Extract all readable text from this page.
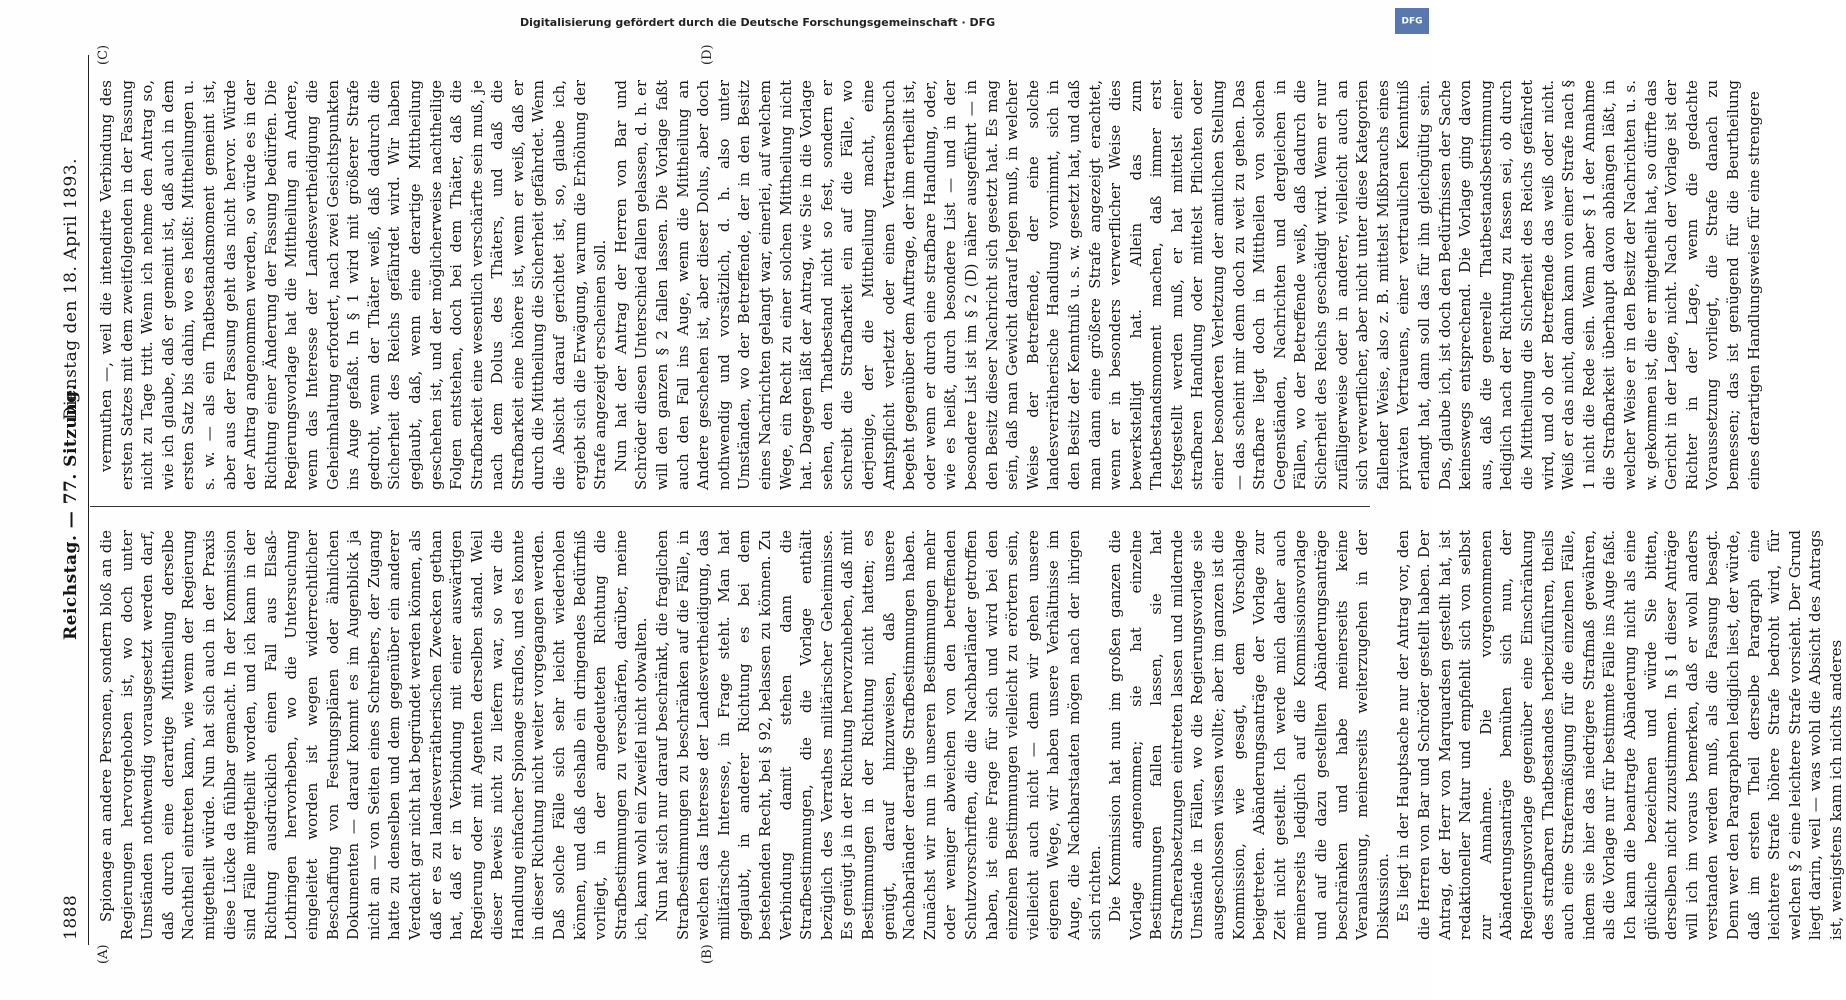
1888
Reichstag. — 77. Sitzung.
Dienstag den 18. April 1893.
(A)	(B)
(C)	(D)

Spionage an andere Personen, sondern bloß an die Regierungen hervorgehoben ist, wo doch unter Umständen nothwendig vorausgesetzt werden darf, daß durch eine derartige Mittheilung derselbe Nachtheil eintreten kann, wie wenn der Regierung mitgetheilt würde. Nun hat sich auch in der Praxis diese Lücke da fühlbar gemacht. In der Kommission sind Fälle mitgetheilt worden, und ich kann in der Richtung ausdrücklich einen Fall aus Elsaß-Lothringen hervorheben, wo die Untersuchung eingeleitet worden ist wegen widerrechtlicher Beschaffung von Festungsplänen oder ähnlichen Dokumenten — darauf kommt es im Augenblick ja nicht an — von Seiten eines Schreibers, der Zugang hatte zu denselben und dem gegenüber ein anderer Verdacht gar nicht hat begründet werden können, als daß er es zu landesverrätherischen Zwecken gethan hat, daß er in Verbindung mit einer auswärtigen Regierung oder mit Agenten derselben stand. Weil dieser Beweis nicht zu liefern war, so war die Handlung einfacher Spionage straflos, und es konnte in dieser Richtung nicht weiter vorgegangen werden. Daß solche Fälle sich sehr leicht wiederholen können, und daß deshalb ein dringendes Bedürfniß vorliegt, in der angedeuteten Richtung die Strafbestimmungen zu verschärfen, darüber, meine ich, kann wohl ein Zweifel nicht obwalten. Nun hat sich nur darauf beschränkt, die fraglichen Strafbestimmungen zu beschränken auf die Fälle, in welchen das Interesse der Landesvertheidigung, das militärische Interesse, in Frage steht. Man hat geglaubt, in anderer Richtung es bei dem bestehenden Recht, bei § 92, belassen zu können. Zu Verbindung damit stehen dann die Strafbestimmungen, die die Vorlage enthält bezüglich des Verrathes militärischer Geheimnisse. Es genügt ja in der Richtung hervorzuheben, daß mit Bestimmungen in der Richtung nicht hatten; es genügt, darauf hinzuweisen, daß unsere Nachbarländer derartige Strafbestimmungen haben. Zunächst wir nun in unseren Bestimmungen mehr oder weniger abweichen von den betreffenden Schutzvorschriften, die die Nachbarländer getroffen haben, ist eine Frage für sich und wird bei den einzelnen Bestimmungen vielleicht zu erörtern sein, vielleicht auch nicht — denn wir gehen unsere eigenen Wege, wir haben unsere Verhältnisse im Auge, die Nachbarstaaten mögen nach der ihrigen sich richten. Die Kommission hat nun im großen ganzen die Vorlage angenommen; sie hat einzelne Bestimmungen fallen lassen, sie hat Strafherabsetzungen eintreten lassen und mildernde Umstände in Fällen, wo die Regierungsvorlage sie ausgeschlossen wissen wollte; aber im ganzen ist die Kommission, wie gesagt, dem Vorschlage beigetreten. Abänderungsanträge der Vorlage zur Zeit nicht gestellt. Ich werde mich daher auch meinerseits lediglich auf die Kommissionsvorlage und auf die dazu gestellten Abänderungsanträge beschränken und habe meinerseits keine Veranlassung, meinerseits weiterzugehen in der Diskussion. Es liegt in der Hauptsache nur der Antrag vor, den die Herren von Bar und Schröder gestellt haben. Der Antrag, der Herr von Marquardsen gestellt hat, ist redaktioneller Natur und empfiehlt sich von selbst zur Annahme. Die vorgenommenen Abänderungsanträge bemühen sich nun, der Regierungsvorlage gegenüber eine Einschränkung des strafbaren Thatbestandes herbeizuführen, theils auch eine Strafermäßigung für die einzelnen Fälle, indem sie hier das niedrigere Strafmaß gewähren, als die Vorlage nur für bestimmte Fälle ins Auge faßt. Ich kann die beantragte Abänderung nicht als eine glückliche bezeichnen und würde Sie bitten, derselben nicht zuzustimmen. In § 1 dieser Anträge will ich im voraus bemerken, daß er wohl anders verstanden werden muß, als die Fassung besagt. Denn wer den Paragraphen lediglich liest, der würde, daß im ersten Theil derselbe Paragraph eine leichtere Strafe höhere Strafe bedroht wird, für welchen § 2 eine leichtere Strafe vorsieht. Der Grund liegt darin, weil — was wohl die Absicht des Antrags ist, wenigstens kann ich nichts anderes

vermuthen —, weil die intendirte Verbindung des ersten Satzes mit dem zweitfolgenden in der Fassung nicht zu Tage tritt. Wenn ich nehme den Antrag so, wie ich glaube, daß er gemeint ist, daß auch in dem ersten Satz bis dahin, wo es heißt: Mittheilungen u. s. w. — als ein Thatbestandsmoment gemeint ist, aber aus der Fassung geht das nicht hervor. Würde der Antrag angenommen werden, so würde es in der Richtung einer Änderung der Fassung bedürfen. Die Regierungsvorlage hat die Mittheilung an Andere, wenn das Interesse der Landesvertheidigung die Geheimhaltung erfordert, nach zwei Gesichtspunkten ins Auge gefaßt. In § 1 wird mit größerer Strafe gedroht, wenn der Thäter weiß, daß dadurch die Sicherheit des Reichs gefährdet wird. Wir haben geglaubt, daß, wenn eine derartige Mittheilung geschehen ist, und der möglicherweise nachtheilige Folgen entstehen, doch bei dem Thäter, daß die Strafbarkeit eine wesentlich verschärfte sein muß, je nach dem Dolus des Thäters, und daß die Strafbarkeit eine höhere ist, wenn er weiß, daß er durch die Mittheilung die Sicherheit gefährdet. Wenn die Absicht darauf gerichtet ist, so, glaube ich, ergiebt sich die Erwägung, warum die Erhöhung der Strafe angezeigt erscheinen soll. Nun hat der Antrag der Herren von Bar und Schröder diesen Unterschied fallen gelassen, d. h. er will den ganzen § 2 fallen lassen. Die Vorlage faßt auch den Fall ins Auge, wenn die Mittheilung an Andere geschehen ist, aber dieser Dolus, aber doch nothwendig und vorsätzlich, d. h. also unter Umständen, wo der Betreffende, der in den Besitz eines Nachrichten gelangt war, einerlei, auf welchem Wege, ein Recht zu einer solchen Mittheilung nicht hat. Dagegen läßt der Antrag, wie Sie in die Vorlage sehen, den Thatbestand nicht so fest, sondern er schreibt die Strafbarkeit ein auf die Fälle, wo derjenige, der die Mittheilung macht, eine Amtspflicht verletzt oder einen Vertrauensbruch begeht gegenüber dem Auftrage, der ihm ertheilt ist, oder wenn er durch eine strafbare Handlung, oder, wie es heißt, durch besondere List — und in der besondere List ist im § 2 (D) näher ausgeführt — in den Besitz dieser Nachricht sich gesetzt hat. Es mag sein, daß man Gewicht darauf legen muß, in welcher Weise der Betreffende, der eine solche landesverrätherische Handlung vornimmt, sich in den Besitz der Kenntniß u. s. w. gesetzt hat, und daß man dann eine größere Strafe angezeigt erachtet, wenn er in besonders verwerflicher Weise dies bewerkstelligt hat. Allein das zum Thatbestandsmoment machen, daß immer erst festgestellt werden muß, er hat mittelst einer strafbaren Handlung oder mittelst Pflichten oder einer besonderen Verletzung der amtlichen Stellung — das scheint mir denn doch zu weit zu gehen. Das Strafbare liegt doch in Mittheilen von solchen Gegenständen, Nachrichten und dergleichen in Fällen, wo der Betreffende weiß, daß dadurch die Sicherheit des Reichs geschädigt wird. Wenn er nur zufälligerweise oder in anderer, vielleicht auch an sich verwerflicher, aber nicht unter diese Kategorien fallender Weise, also z. B. mittelst Mißbrauchs eines privaten Vertrauens, einer vertraulichen Kenntniß erlangt hat, dann soll das für ihn gleichgültig sein. Das, glaube ich, ist doch den Bedürfnissen der Sache keineswegs entsprechend. Die Vorlage ging davon aus, daß die generelle Thatbestandsbestimmung lediglich nach der Richtung zu fassen sei, ob durch die Mittheilung die Sicherheit des Reichs gefährdet wird, und ob der Betreffende das weiß oder nicht. Weiß er das nicht, dann kann von einer Strafe nach § 1 nicht die Rede sein. Wenn aber § 1 der Annahme die Strafbarkeit überhaupt davon abhängen läßt, in welcher Weise er in den Besitz der Nachrichten u. s. w. gekommen ist, die er mitgetheilt hat, so dürfte das Gericht in der Lage, nicht. Nach der Vorlage ist der Richter in der Lage, wenn die gedachte Voraussetzung vorliegt, die Strafe danach zu bemessen; das ist genügend für die Beurtheilung eines derartigen Handlungsweise für eine strengere

Digitalisierung gefördert durch die Deutsche Forschungsgemeinschaft · DFG	DFG
